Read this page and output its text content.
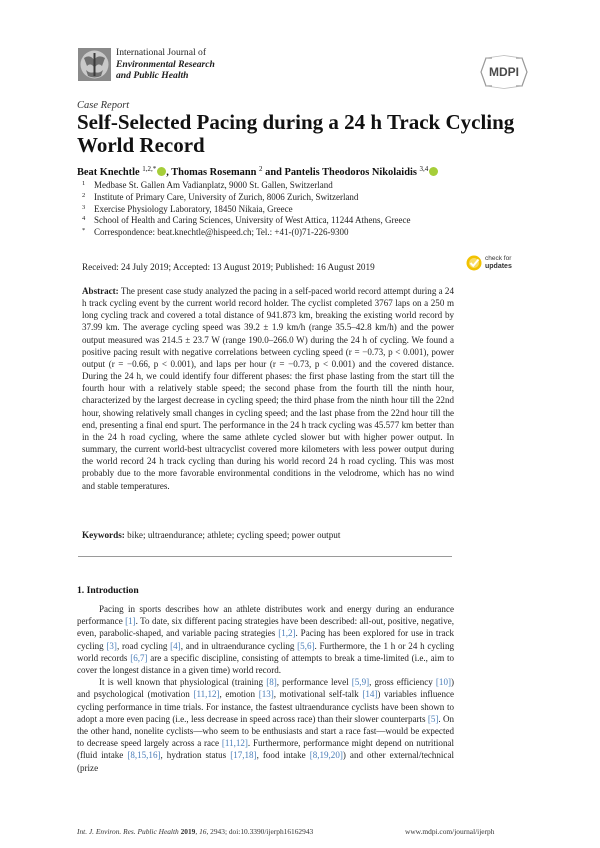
International Journal of
Environmental Research
and Public Health	MDPI
Case Report
Self-Selected Pacing during a 24 h Track Cycling World Record
Beat Knechtle $^{1,2,*}$ , Thomas Rosemann $^2$ and Pantelis Theodoros Nikolaidis $^{3,4}$
1 Medbase St. Gallen Am Vadianplatz, 9000 St. Gallen, Switzerland
2 Institute of Primary Care, University of Zurich, 8006 Zurich, Switzerland
3 Exercise Physiology Laboratory, 18450 Nikaia, Greece
4 School of Health and Caring Sciences, University of West Attica, 11244 Athens, Greece
* Correspondence: beat.knechtle@hispeed.ch; Tel.: +41-(0)71-226-9300
Received: 24 July 2019; Accepted: 13 August 2019; Published: 16 August 2019
check for
updates
Abstract: The present case study analyzed the pacing in a self-paced world record attempt during a 24 h track cycling event by the current world record holder. The cyclist completed 3767 laps on a 250 m long cycling track and covered a total distance of 941.873 km, breaking the existing world record by 37.99 km. The average cycling speed was 39.2 ± 1.9 km/h (range 35.5–42.8 km/h) and the power output measured was 214.5 ± 23.7 W (range 190.0–266.0 W) during the 24 h of cycling. We found a positive pacing result with negative correlations between cycling speed (r = −0.73, p < 0.001), power output (r = −0.66, p < 0.001), and laps per hour (r = −0.73, p < 0.001) and the covered distance. During the 24 h, we could identify four different phases: the first phase lasting from the start till the fourth hour with a relatively stable speed; the second phase from the fourth till the ninth hour, characterized by the largest decrease in cycling speed; the third phase from the ninth hour till the 22nd hour, showing relatively small changes in cycling speed; and the last phase from the 22nd hour till the end, presenting a final end spurt. The performance in the 24 h track cycling was 45.577 km better than in the 24 h road cycling, where the same athlete cycled slower but with higher power output. In summary, the current world-best ultracyclist covered more kilometers with less power output during the world record 24 h track cycling than during his world record 24 h road cycling. This was most probably due to the more favorable environmental conditions in the velodrome, which has no wind and stable temperatures.
Keywords: bike; ultraendurance; athlete; cycling speed; power output
1. Introduction

Pacing in sports describes how an athlete distributes work and energy during an endurance performance [1]. To date, six different pacing strategies have been described: all-out, positive, negative, even, parabolic-shaped, and variable pacing strategies [1,2]. Pacing has been explored for use in track cycling [3], road cycling [4], and in ultraendurance cycling [5,6]. Furthermore, the 1 h or 24 h cycling world records [6,7] are a specific discipline, consisting of attempts to break a time-limited (i.e., aim to cover the longest distance in a given time) world record.

It is well known that physiological (training [8], performance level [5,9], gross efficiency [10]) and psychological (motivation [11,12], emotion [13], motivational self-talk [14]) variables influence cycling performance in time trials. For instance, the fastest ultraendurance cyclists have been shown to adopt a more even pacing (i.e., less decrease in speed across race) than their slower counterparts [5]. On the other hand, nonelite cyclists—who seem to be enthusiasts and start a race fast—would be expected to decrease speed largely across a race [11,12]. Furthermore, performance might depend on nutritional (fluid intake [8,15,16], hydration status [17,18], food intake [8,19,20]) and other external/technical (prize

Int. J. Environ. Res. Public Health 2019, 16, 2943; doi:10.3390/ijerph16162943	www.mdpi.com/journal/ijerph
